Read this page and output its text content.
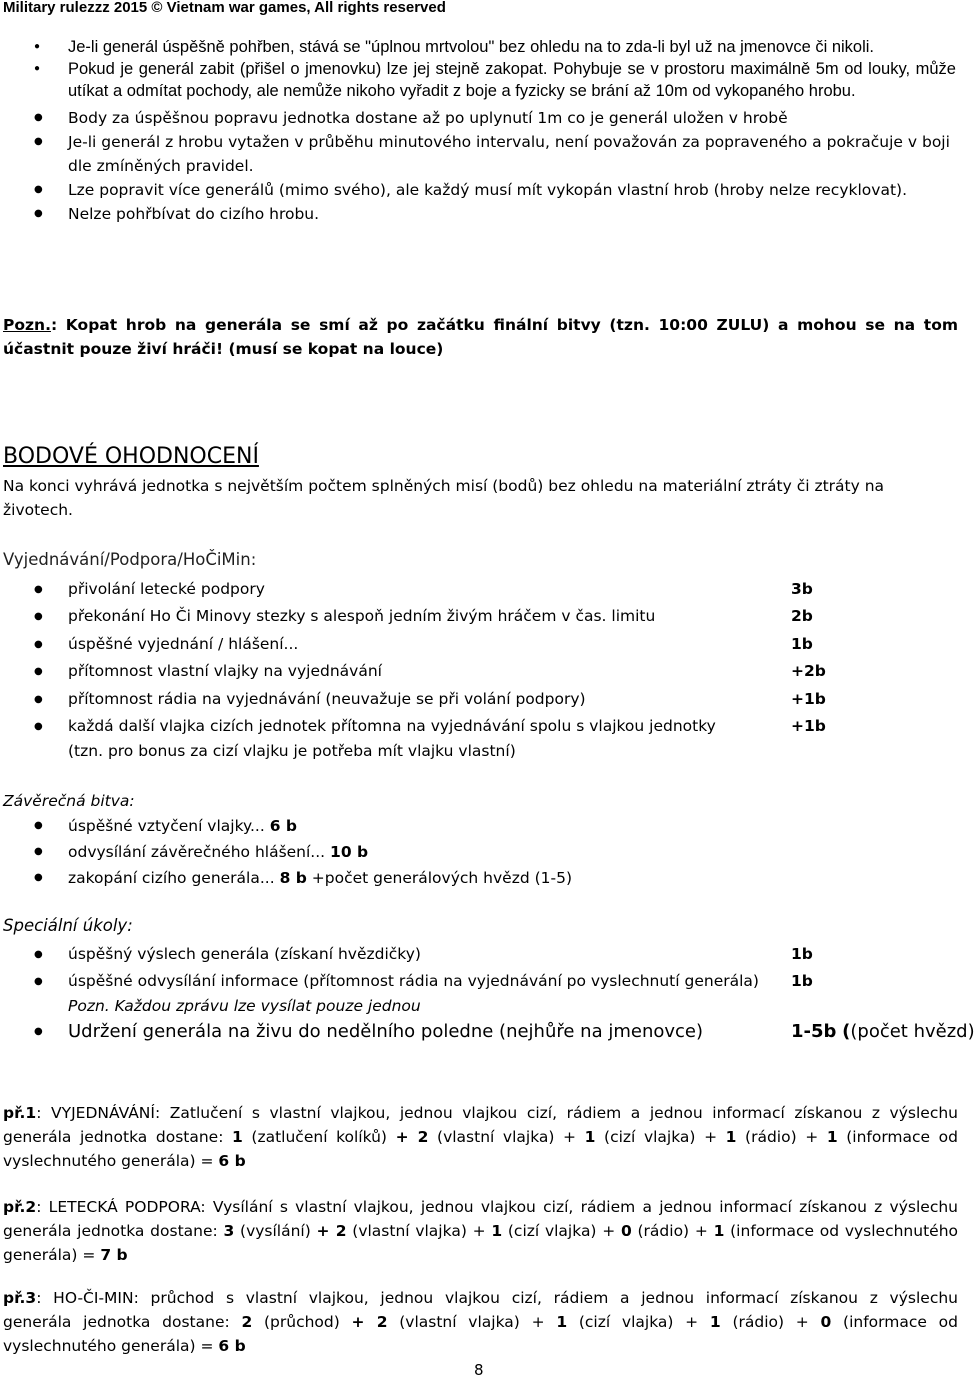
Military rulezzz 2015 © Vietnam war games, All rights reserved
● Je-li generál úspěšně pohřben, stává se "úplnou mrtvolou" bez ohledu na to zda-li byl už na jmenovce či nikoli.
● Pokud je generál zabit (přišel o jmenovku) lze jej stejně zakopat. Pohybuje se v prostoru maximálně 5m od louky, může utíkat a odmítat pochody, ale nemůže nikoho vyřadit z boje a fyzicky se brání až 10m od vykopaného hrobu.
● Body za úspěšnou popravu jednotka dostane až po uplynutí 1m co je generál uložen v hrobě
● Je-li generál z hrobu vytažen v průběhu minutového intervalu, není považován za popraveného a pokračuje v boji dle zmíněných pravidel.
● Lze popravit více generálů (mimo svého), ale každý musí mít vykopán vlastní hrob (hroby nelze recyklovat).
● Nelze pohřbívat do cizího hrobu.
Pozn.: Kopat hrob na generála se smí až po začátku finální bitvy (tzn. 10:00 ZULU) a mohou se na tom účastnit pouze živí hráči! (musí se kopat na louce)
BODOVÉ OHODNOCENÍ
Na konci vyhrává jednotka s největším počtem splněných misí (bodů) bez ohledu na materiální ztráty či ztráty na životech.
Vyjednávání/Podpora/HoČiMin:
● přivolání letecké podpory	3b
● překonání Ho Či Minovy stezky s alespoň jedním živým hráčem v čas. limitu	2b
● úspěšné vyjednání / hlášení...	1b
● přítomnost vlastní vlajky na vyjednávání	+2b
● přítomnost rádia na vyjednávání (neuvažuje se při volání podpory)	+1b
● každá další vlajka cizích jednotek přítomna na vyjednávání spolu s vlajkou jednotky	+1b

(tzn. pro bonus za cizí vlajku je potřeba mít vlajku vlastní)
Závěrečná bitva:
● úspěšné vztyčení vlajky... 6 b
● odvysílání závěrečného hlášení... 10 b
● zakopání cizího generála... 8 b +počet generálových hvězd (1-5)
Speciální úkoly:
● úspěšný výslech generála (získaní hvězdičky)	1b
● úspěšné odvysílání informace (přítomnost rádia na vyjednávání po vyslechnutí generála) 1b

Pozn. Každou zprávu lze vysílat pouze jednou
● Udržení generála na živu do nedělního poledne (nejhůře na jmenovce)	1-5b ((počet hvězd)
př.1: VYJEDNÁVÁNÍ: Zatlučení s vlastní vlajkou, jednou vlajkou cizí, rádiem a jednou informací získanou z výslechu
generála jednotka dostane: 1 (zatlučení kolíků) + 2 (vlastní vlajka) + 1 (cizí vlajka) + 1 (rádio) + 1 (informace od
vyslechnutého generála) = 6 b
př.2: LETECKÁ PODPORA: Vysílání s vlastní vlajkou, jednou vlajkou cizí, rádiem a jednou informací získanou z výslechu
generála jednotka dostane: 3 (vysílání) + 2 (vlastní vlajka) + 1 (cizí vlajka) + 0 (rádio) + 1 (informace od vyslechnutého
generála) = 7 b
př.3: HO-ČI-MIN: průchod s vlastní vlajkou, jednou vlajkou cizí, rádiem a jednou informací získanou z výslechu
generála jednotka dostane: 2 (průchod) + 2 (vlastní vlajka) + 1 (cizí vlajka) + 1 (rádio) + 0 (informace od
vyslechnutého generála) = 6 b
8
